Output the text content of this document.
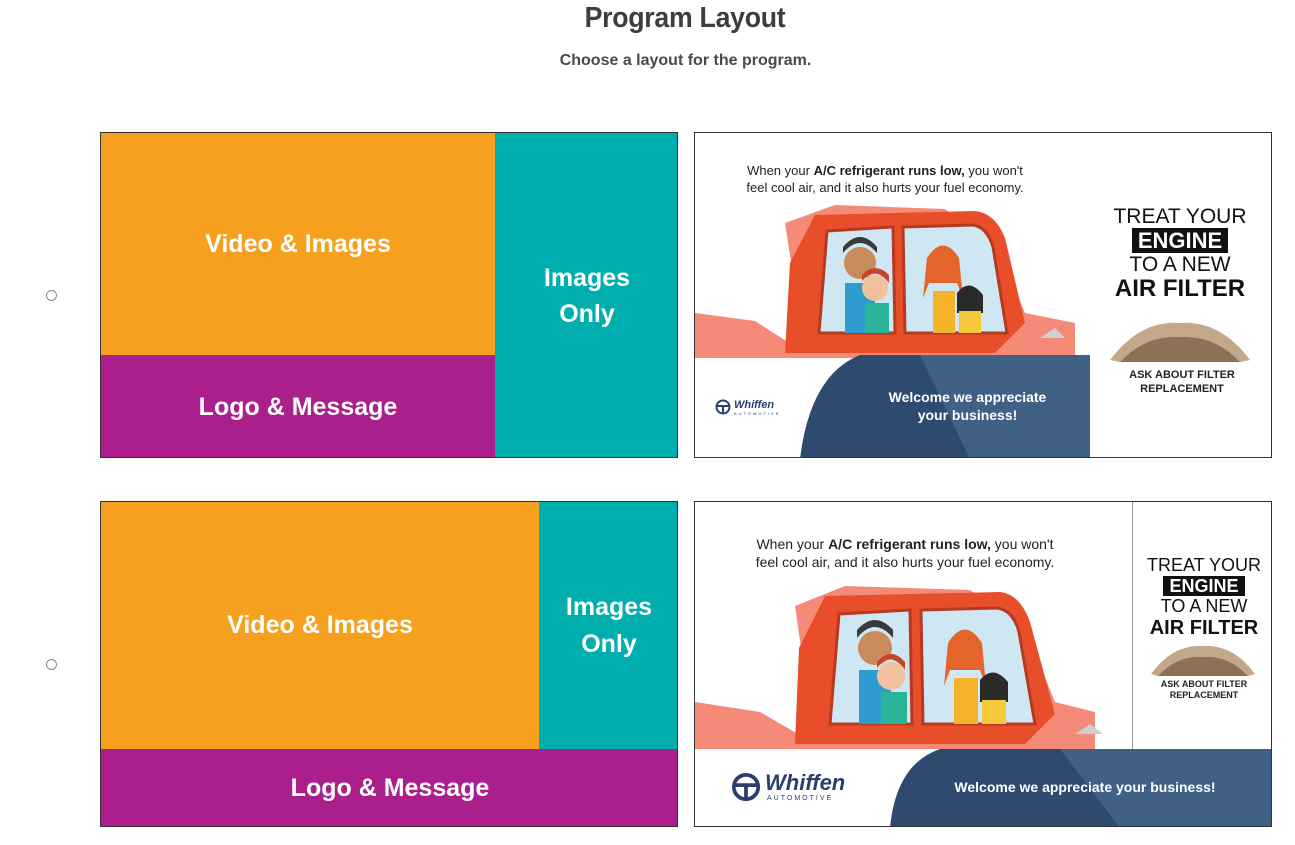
Program Layout
Choose a layout for the program.
Video & Images
Logo & Message
Images
Only
When your A/C refrigerant runs low, you won't
feel cool air, and it also hurts your fuel economy.
TREAT YOUR
ENGINE
TO A NEW
AIR FILTER
ASK ABOUT FILTER
REPLACEMENT
Whiffen
AUTOMOTIVE
Welcome we appreciate
your business!
Video & Images
Images
Only
Logo & Message
When your A/C refrigerant runs low, you won't
feel cool air, and it also hurts your fuel economy.	TREAT YOUR
ENGINE
TO A NEW
AIR FILTER
ASK ABOUT FILTER
REPLACEMENT
Whiffen
AUTOMOTIVE
Welcome we appreciate your business!
